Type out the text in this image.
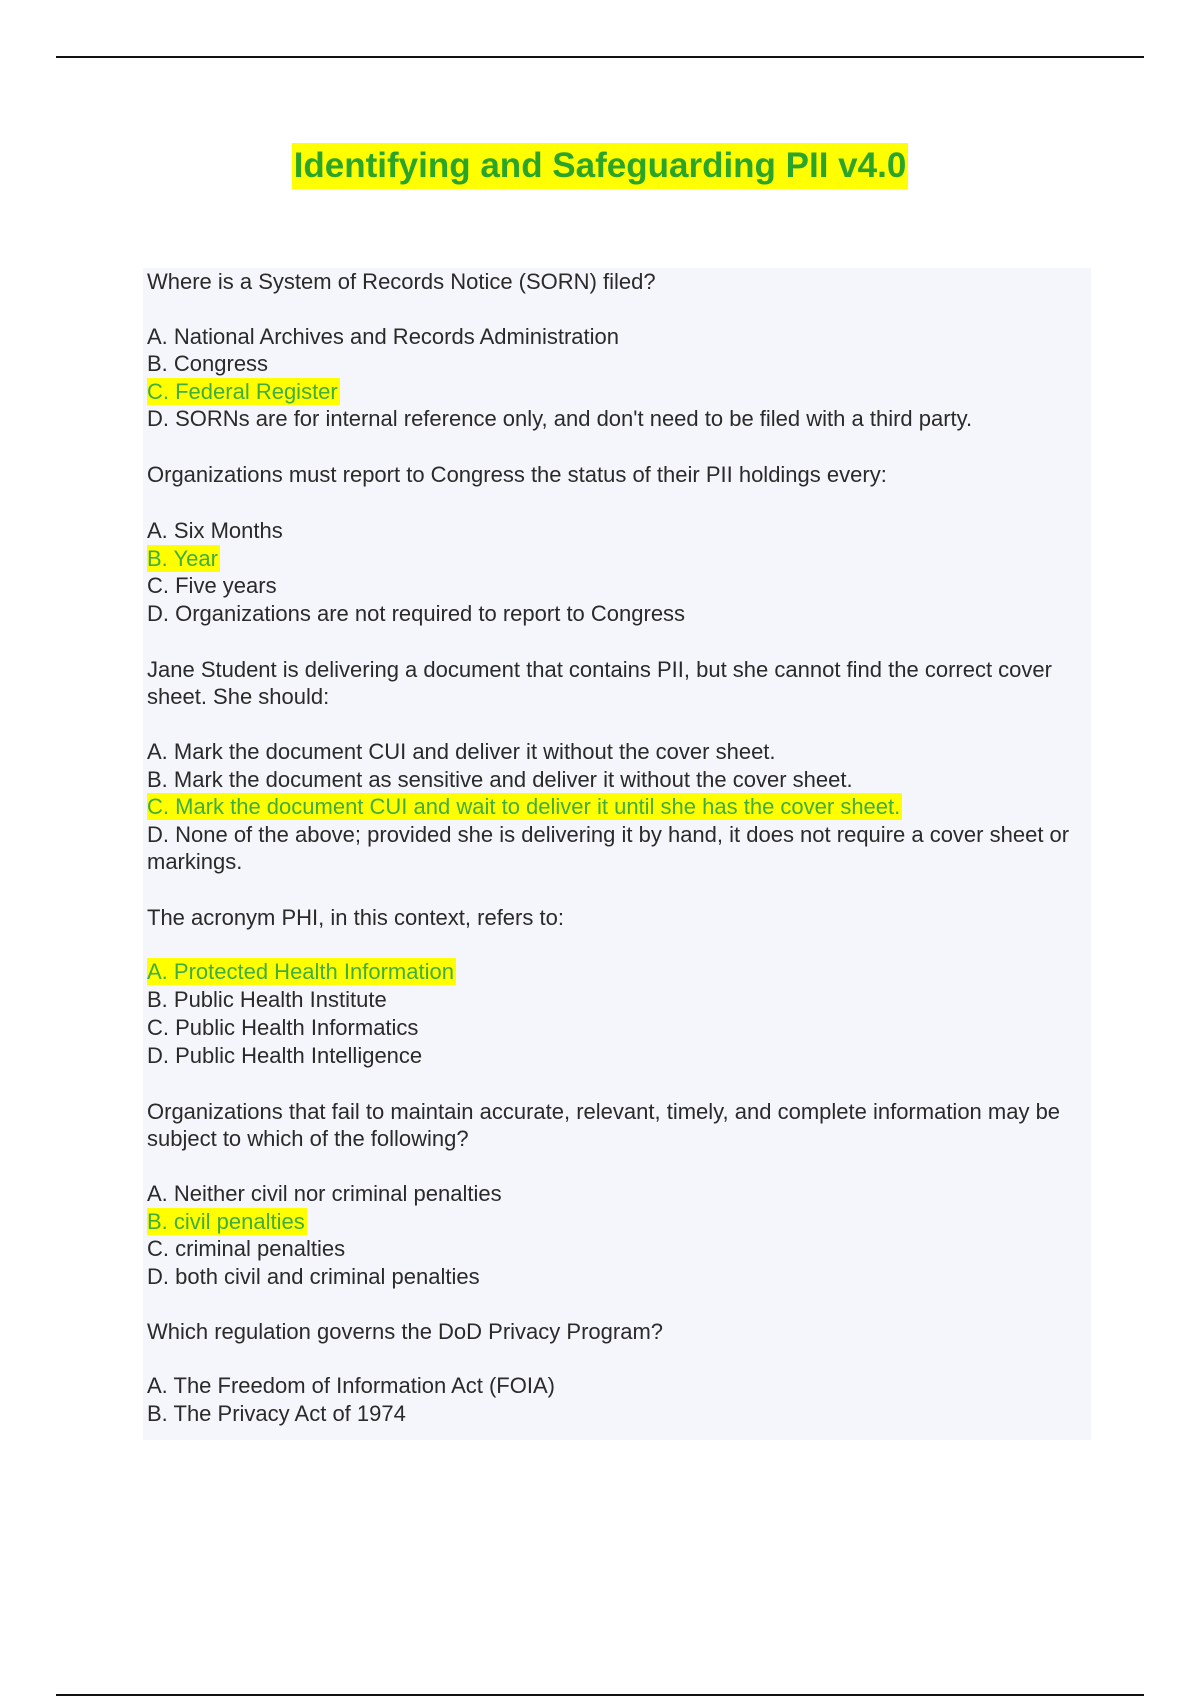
Identifying and Safeguarding PII v4.0

Where is a System of Records Notice (SORN) filed?

A. National Archives and Records Administration
B. Congress
C. Federal Register
D. SORNs are for internal reference only, and don't need to be filed with a third party.

Organizations must report to Congress the status of their PII holdings every:

A. Six Months
B. Year
C. Five years
D. Organizations are not required to report to Congress

Jane Student is delivering a document that contains PII, but she cannot find the correct cover sheet. She should:

A. Mark the document CUI and deliver it without the cover sheet.
B. Mark the document as sensitive and deliver it without the cover sheet.
C. Mark the document CUI and wait to deliver it until she has the cover sheet.
D. None of the above; provided she is delivering it by hand, it does not require a cover sheet or markings.

The acronym PHI, in this context, refers to:

A. Protected Health Information
B. Public Health Institute
C. Public Health Informatics
D. Public Health Intelligence

Organizations that fail to maintain accurate, relevant, timely, and complete information may be subject to which of the following?

A. Neither civil nor criminal penalties
B. civil penalties
C. criminal penalties
D. both civil and criminal penalties

Which regulation governs the DoD Privacy Program?

A. The Freedom of Information Act (FOIA)
B. The Privacy Act of 1974
